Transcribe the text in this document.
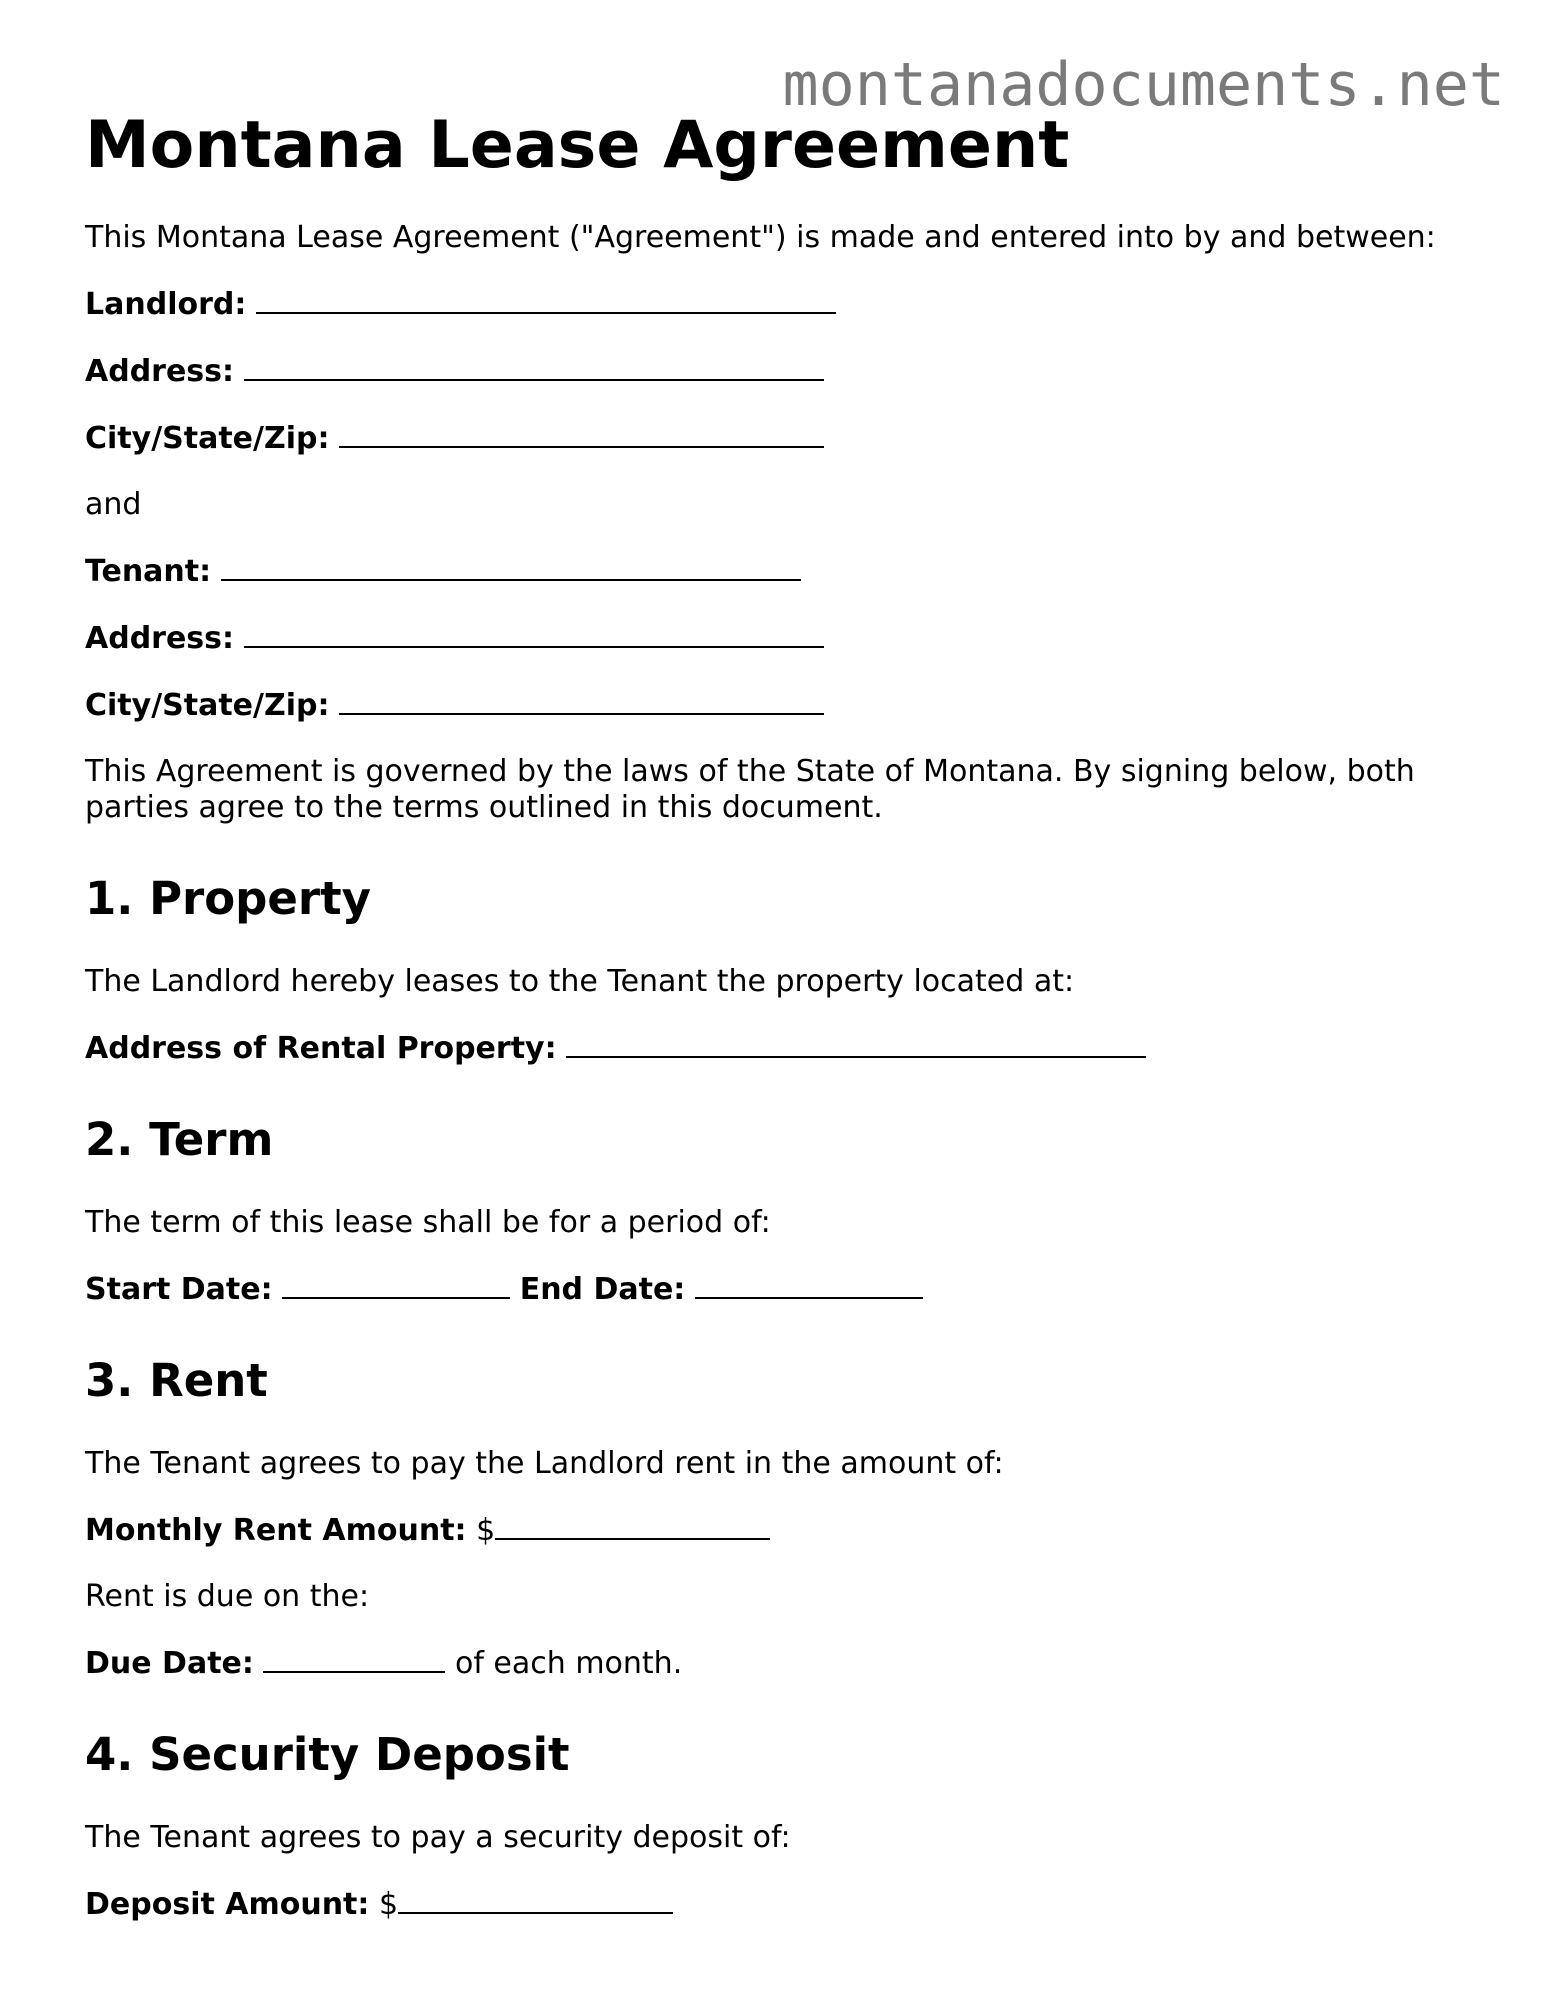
montanadocuments.net
Montana Lease Agreement

This Montana Lease Agreement ("Agreement") is made and entered into by and between:

Landlord:
Address:
City/State/Zip:

and

Tenant:
Address:
City/State/Zip:

This Agreement is governed by the laws of the State of Montana. By signing below, both parties agree to the terms outlined in this document.

1. Property

The Landlord hereby leases to the Tenant the property located at:

Address of Rental Property:
2. Term

The term of this lease shall be for a period of:

Start Date:	End Date:
3. Rent

The Tenant agrees to pay the Landlord rent in the amount of:

Monthly Rent Amount: $

Rent is due on the:

Due Date:	of each month.
4. Security Deposit

The Tenant agrees to pay a security deposit of:

Deposit Amount: $
